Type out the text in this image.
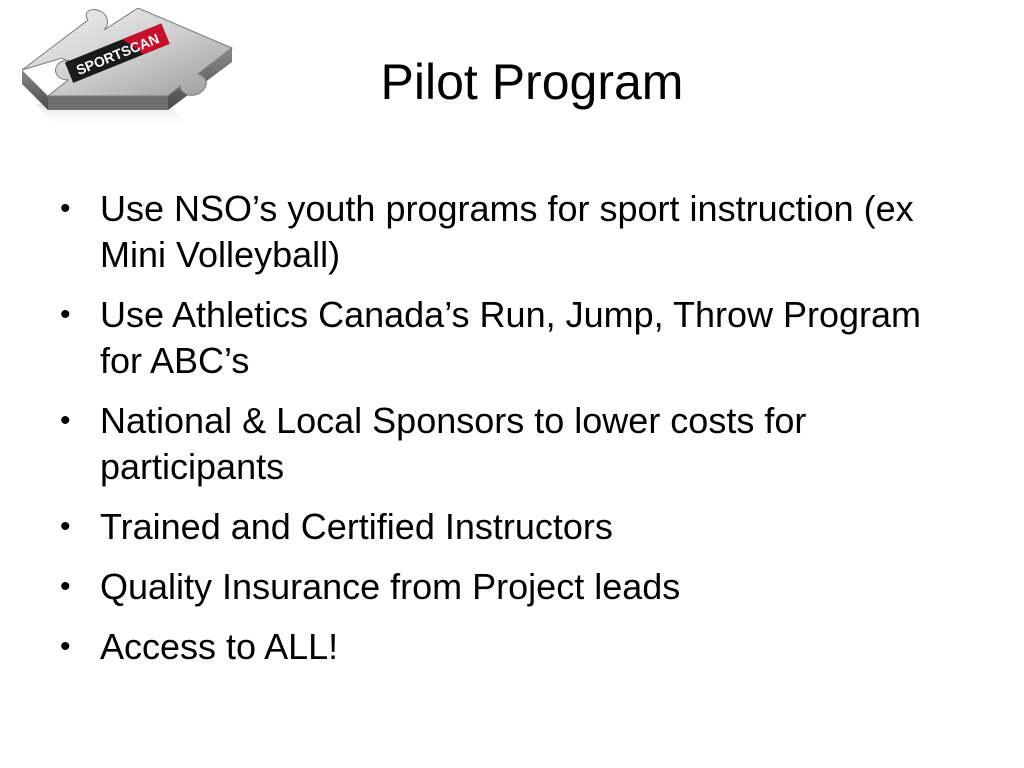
SPORTSCAN	Pilot Program
• Use NSO’s youth programs for sport instruction (ex Mini Volleyball)
• Use Athletics Canada’s Run, Jump, Throw Program for ABC’s
• National & Local Sponsors to lower costs for participants
• Trained and Certified Instructors
• Quality Insurance from Project leads
• Access to ALL!
